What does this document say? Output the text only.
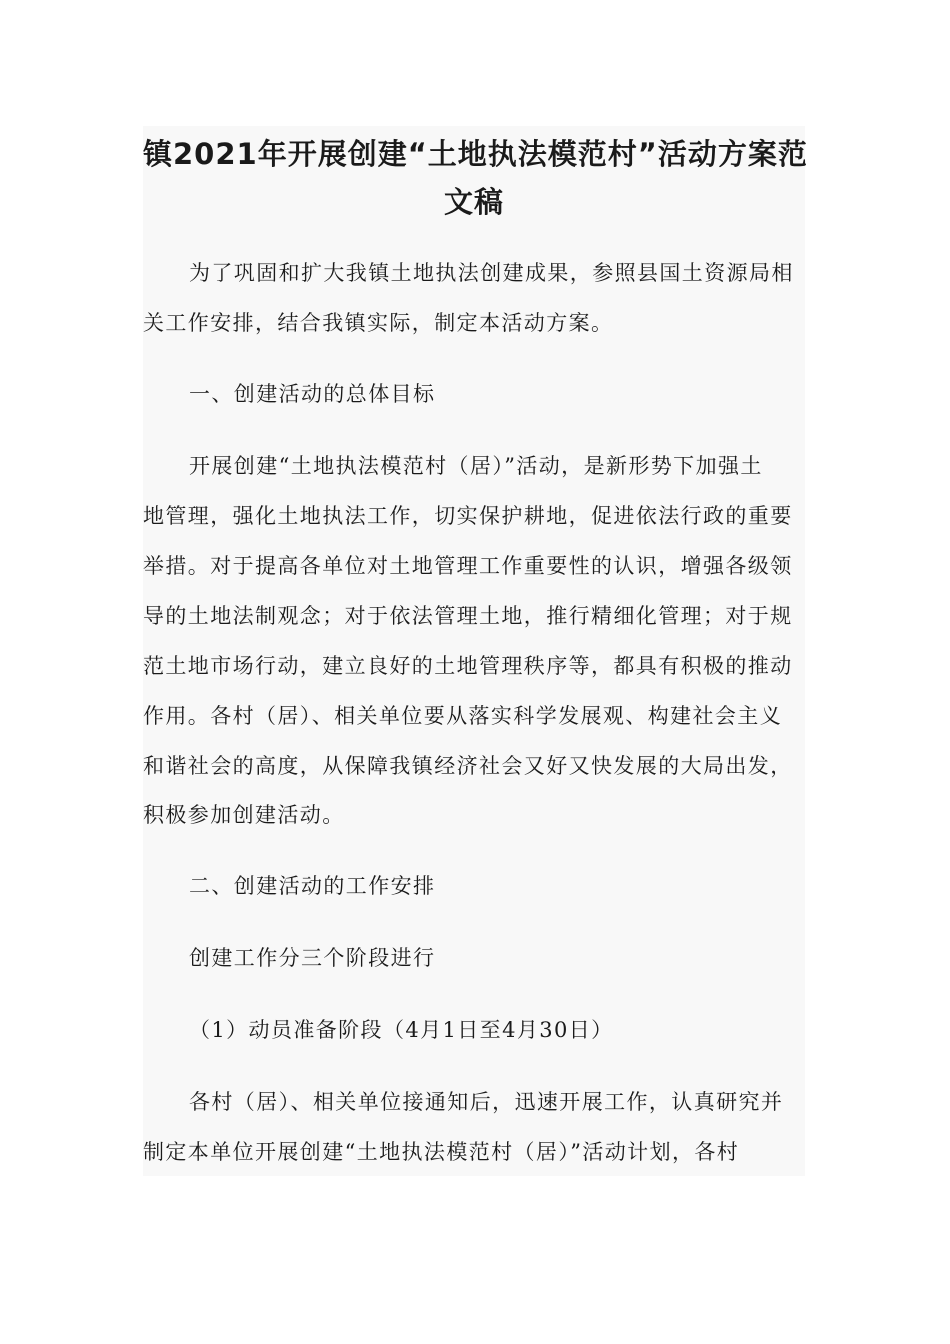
镇2021年开展创建“土地执法模范村”活动方案范
文稿

为了巩固和扩大我镇土地执法创建成果，参照县国土资源局相

关工作安排，结合我镇实际，制定本活动方案。

一、创建活动的总体目标

开展创建“土地执法模范村（居）”活动，是新形势下加强土

地管理，强化土地执法工作，切实保护耕地，促进依法行政的重要

举措。对于提高各单位对土地管理工作重要性的认识，增强各级领

导的土地法制观念；对于依法管理土地，推行精细化管理；对于规

范土地市场行动，建立良好的土地管理秩序等，都具有积极的推动

作用。各村（居）、相关单位要从落实科学发展观、构建社会主义

和谐社会的高度，从保障我镇经济社会又好又快发展的大局出发，

积极参加创建活动。

二、创建活动的工作安排

创建工作分三个阶段进行

（1）动员准备阶段（4月1日至4月30日）

各村（居）、相关单位接通知后，迅速开展工作，认真研究并

制定本单位开展创建“土地执法模范村（居）”活动计划，各村
